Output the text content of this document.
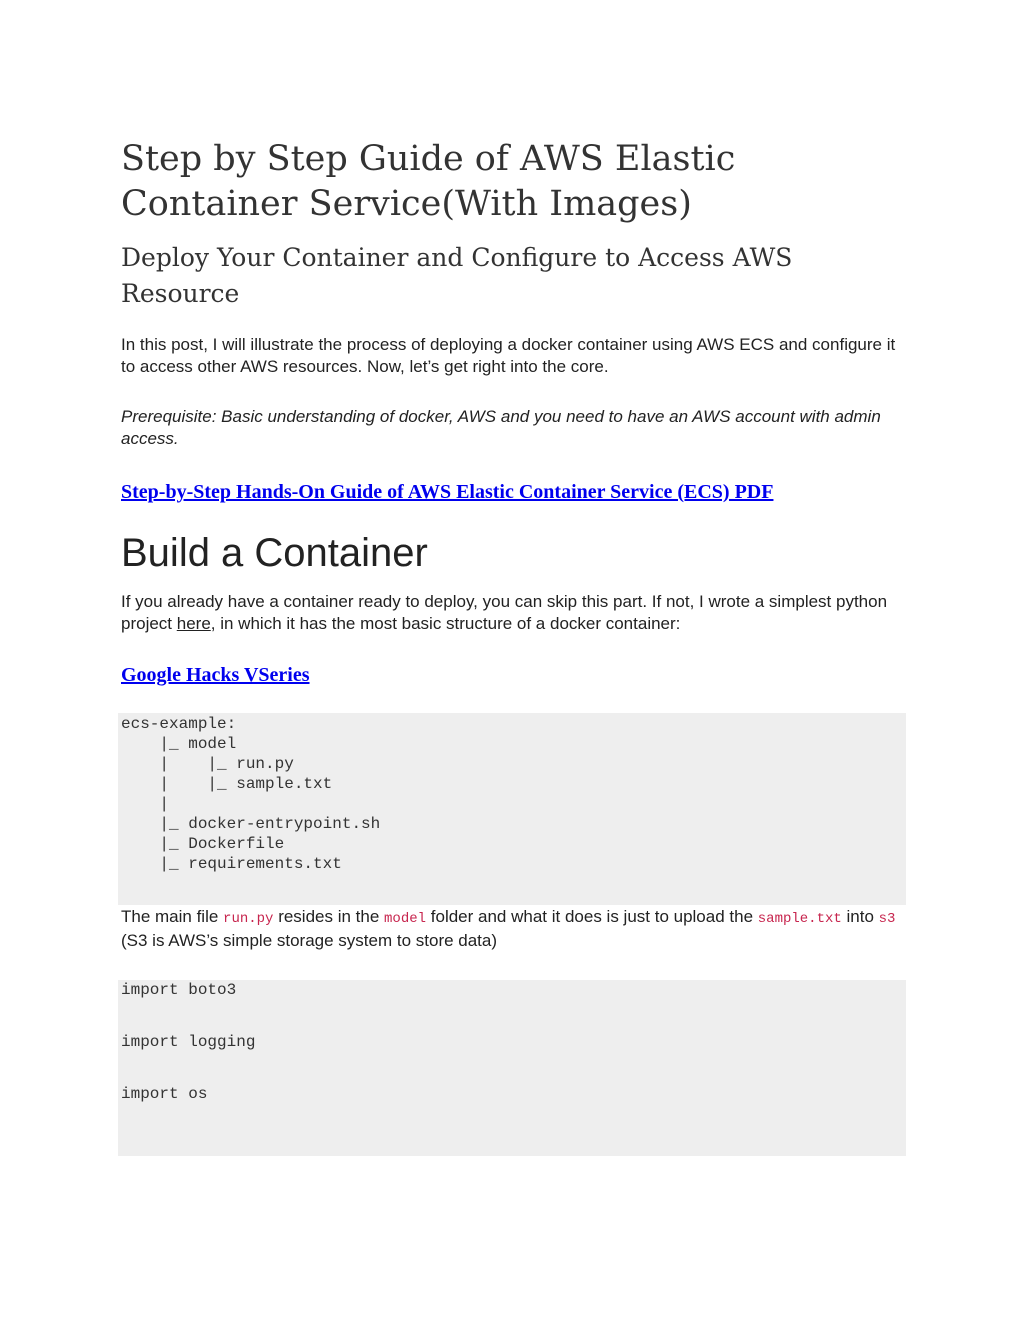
Step by Step Guide of AWS Elastic Container Service(With Images)
Deploy Your Container and Configure to Access AWS Resource

In this post, I will illustrate the process of deploying a docker container using AWS ECS and configure it to access other AWS resources. Now, let’s get right into the core.

Prerequisite: Basic understanding of docker, AWS and you need to have an AWS account with admin access.

Step-by-Step Hands-On Guide of AWS Elastic Container Service (ECS) PDF
Build a Container

If you already have a container ready to deploy, you can skip this part. If not, I wrote a simplest python project here, in which it has the most basic structure of a docker container:

Google Hacks VSeries
ecs-example:
|_ model
|    |_ run.py
|    |_ sample.txt
|
|_ docker-entrypoint.sh
|_ Dockerfile
|_ requirements.txt

The main file run.py resides in the model folder and what it does is just to upload the sample.txt into s3 (S3 is AWS’s simple storage system to store data)

import boto3
import logging
import os
